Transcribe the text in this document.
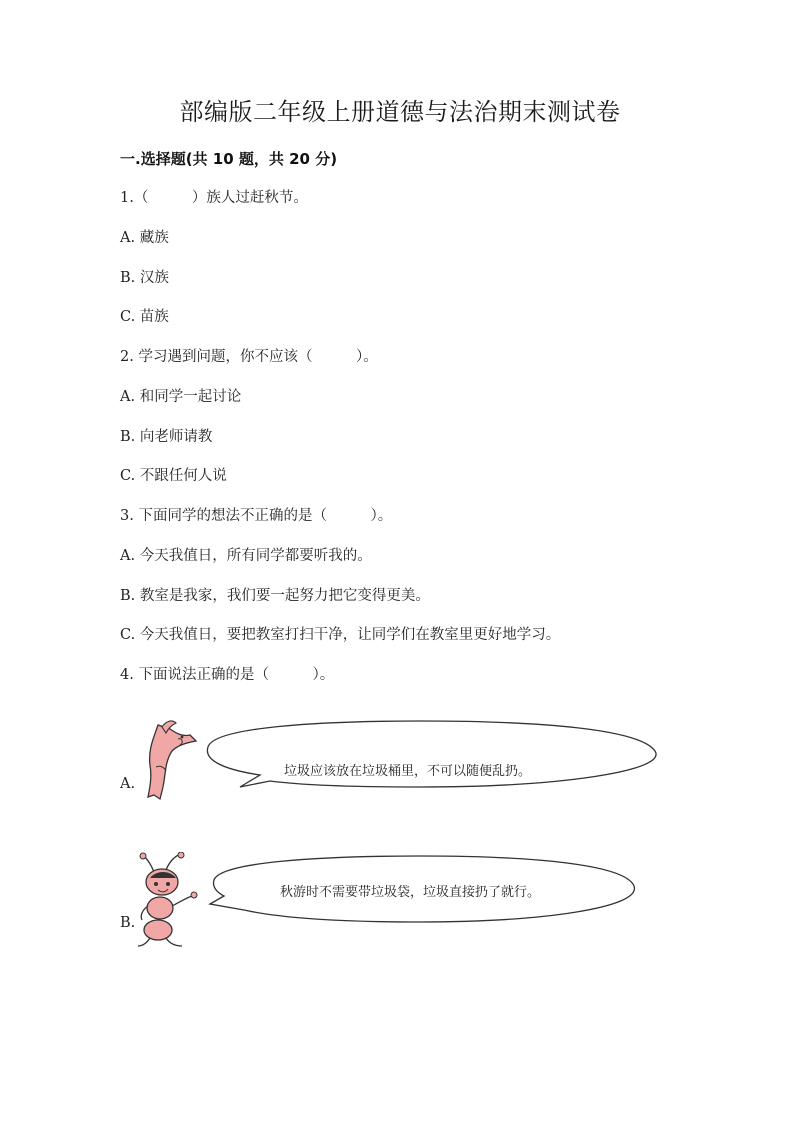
部编版二年级上册道德与法治期末测试卷
一.选择题(共 10 题，共 20 分)
1.（　　　）族人过赶秋节。
A. 藏族
B. 汉族
C. 苗族
2. 学习遇到问题，你不应该（　　　）。
A. 和同学一起讨论
B. 向老师请教
C. 不跟任何人说
3. 下面同学的想法不正确的是（　　　）。
A. 今天我值日，所有同学都要听我的。
B. 教室是我家，我们要一起努力把它变得更美。
C. 今天我值日，要把教室打扫干净，让同学们在教室里更好地学习。
4. 下面说法正确的是（　　　）。
A.
垃圾应该放在垃圾桶里，不可以随便乱扔。
B.
秋游时不需要带垃圾袋，垃圾直接扔了就行。
